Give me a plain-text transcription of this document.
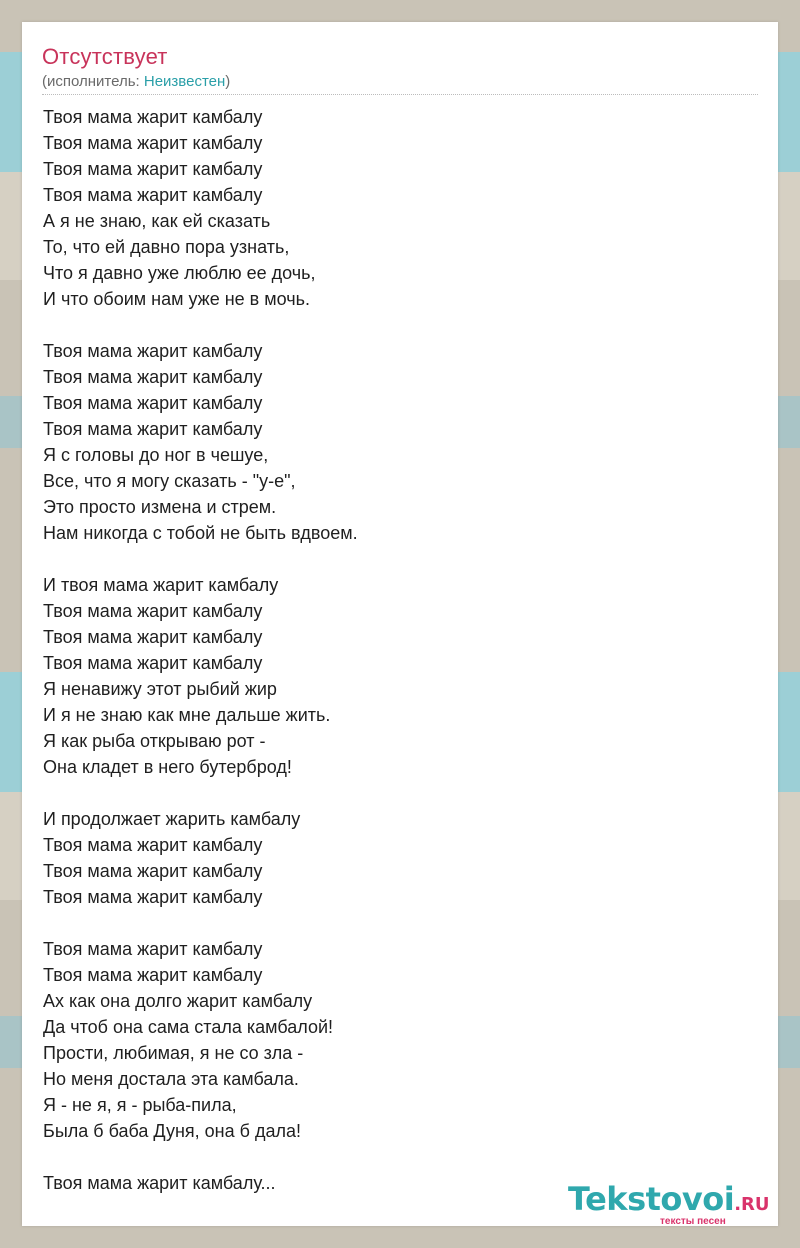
Отсутствует
(исполнитель: Неизвестен)
Твоя мама жарит камбалу
Твоя мама жарит камбалу
Твоя мама жарит камбалу
Твоя мама жарит камбалу
А я не знаю, как ей сказать
То, что ей давно пора узнать,
Что я давно уже люблю ее дочь,
И что обоим нам уже не в мочь.
Твоя мама жарит камбалу
Твоя мама жарит камбалу
Твоя мама жарит камбалу
Твоя мама жарит камбалу
Я с головы до ног в чешуе,
Все, что я могу сказать - "у-е",
Это просто измена и стрем.
Нам никогда с тобой не быть вдвоем.
И твоя мама жарит камбалу
Твоя мама жарит камбалу
Твоя мама жарит камбалу
Твоя мама жарит камбалу
Я ненавижу этот рыбий жир
И я не знаю как мне дальше жить.
Я как рыба открываю рот -
Она кладет в него бутерброд!
И продолжает жарить камбалу
Твоя мама жарит камбалу
Твоя мама жарит камбалу
Твоя мама жарит камбалу
Твоя мама жарит камбалу
Твоя мама жарит камбалу
Ах как она долго жарит камбалу
Да чтоб она сама стала камбалой!
Прости, любимая, я не со зла -
Но меня достала эта камбала.
Я - не я, я - рыба-пила,
Была б баба Дуня, она б дала!
Твоя мама жарит камбалу...	Tekstovoi.RU
тексты песен
